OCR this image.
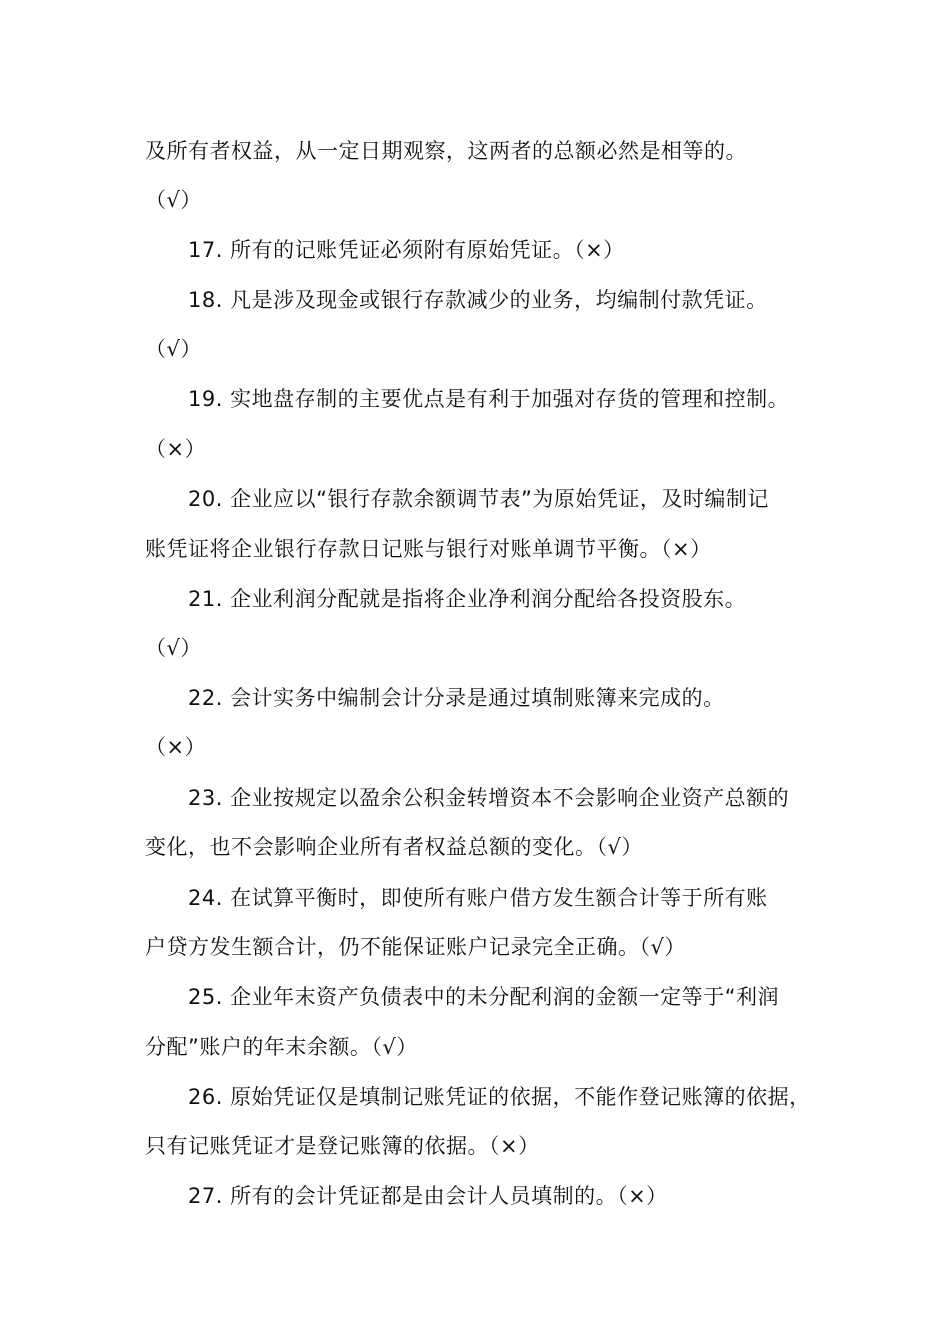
及所有者权益，从一定日期观察，这两者的总额必然是相等的。
（√）
17. 所有的记账凭证必须附有原始凭证。（×）
18. 凡是涉及现金或银行存款减少的业务，均编制付款凭证。
（√）
19. 实地盘存制的主要优点是有利于加强对存货的管理和控制。
（×）
20. 企业应以“银行存款余额调节表”为原始凭证，及时编制记
账凭证将企业银行存款日记账与银行对账单调节平衡。（×）
21. 企业利润分配就是指将企业净利润分配给各投资股东。
（√）
22. 会计实务中编制会计分录是通过填制账簿来完成的。
（×）
23. 企业按规定以盈余公积金转增资本不会影响企业资产总额的
变化，也不会影响企业所有者权益总额的变化。（√）
24. 在试算平衡时，即使所有账户借方发生额合计等于所有账
户贷方发生额合计，仍不能保证账户记录完全正确。（√）
25. 企业年末资产负债表中的未分配利润的金额一定等于“利润
分配”账户的年末余额。（√）
26. 原始凭证仅是填制记账凭证的依据，不能作登记账簿的依据，
只有记账凭证才是登记账簿的依据。（×）
27. 所有的会计凭证都是由会计人员填制的。（×）
